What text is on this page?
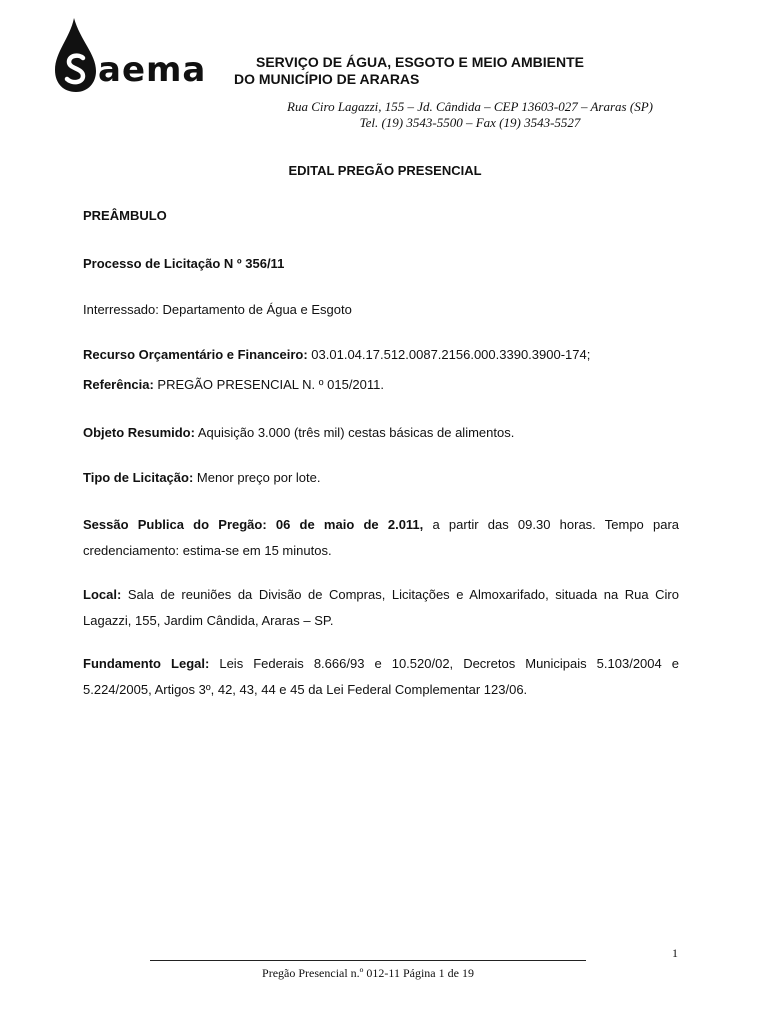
aema	SERVIÇO DE ÁGUA, ESGOTO E MEIO AMBIENTE
DO MUNICÍPIO DE ARARAS
Rua Ciro Lagazzi, 155 – Jd. Cândida – CEP 13603-027 – Araras (SP)
Tel. (19) 3543-5500 – Fax (19) 3543-5527
EDITAL PREGÃO PRESENCIAL

PREÂMBULO

Processo de Licitação N º 356/11

Interressado: Departamento de Água e Esgoto

Recurso Orçamentário e Financeiro: 03.01.04.17.512.0087.2156.000.3390.3900-174;

Referência: PREGÃO PRESENCIAL N. º 015/2011.

Objeto Resumido: Aquisição 3.000 (três mil) cestas básicas de alimentos.

Tipo de Licitação: Menor preço por lote.

Sessão Publica do Pregão: 06 de maio de 2.011, a partir das 09.30 horas. Tempo para credenciamento: estima-se em 15 minutos.

Local: Sala de reuniões da Divisão de Compras, Licitações e Almoxarifado, situada na Rua Ciro Lagazzi, 155, Jardim Cândida, Araras – SP.

Fundamento Legal: Leis Federais 8.666/93 e 10.520/02, Decretos Municipais 5.103/2004 e 5.224/2005, Artigos 3º, 42, 43, 44 e 45 da Lei Federal Complementar 123/06.

1
Pregão Presencial n.º 012-11 Página 1 de 19
